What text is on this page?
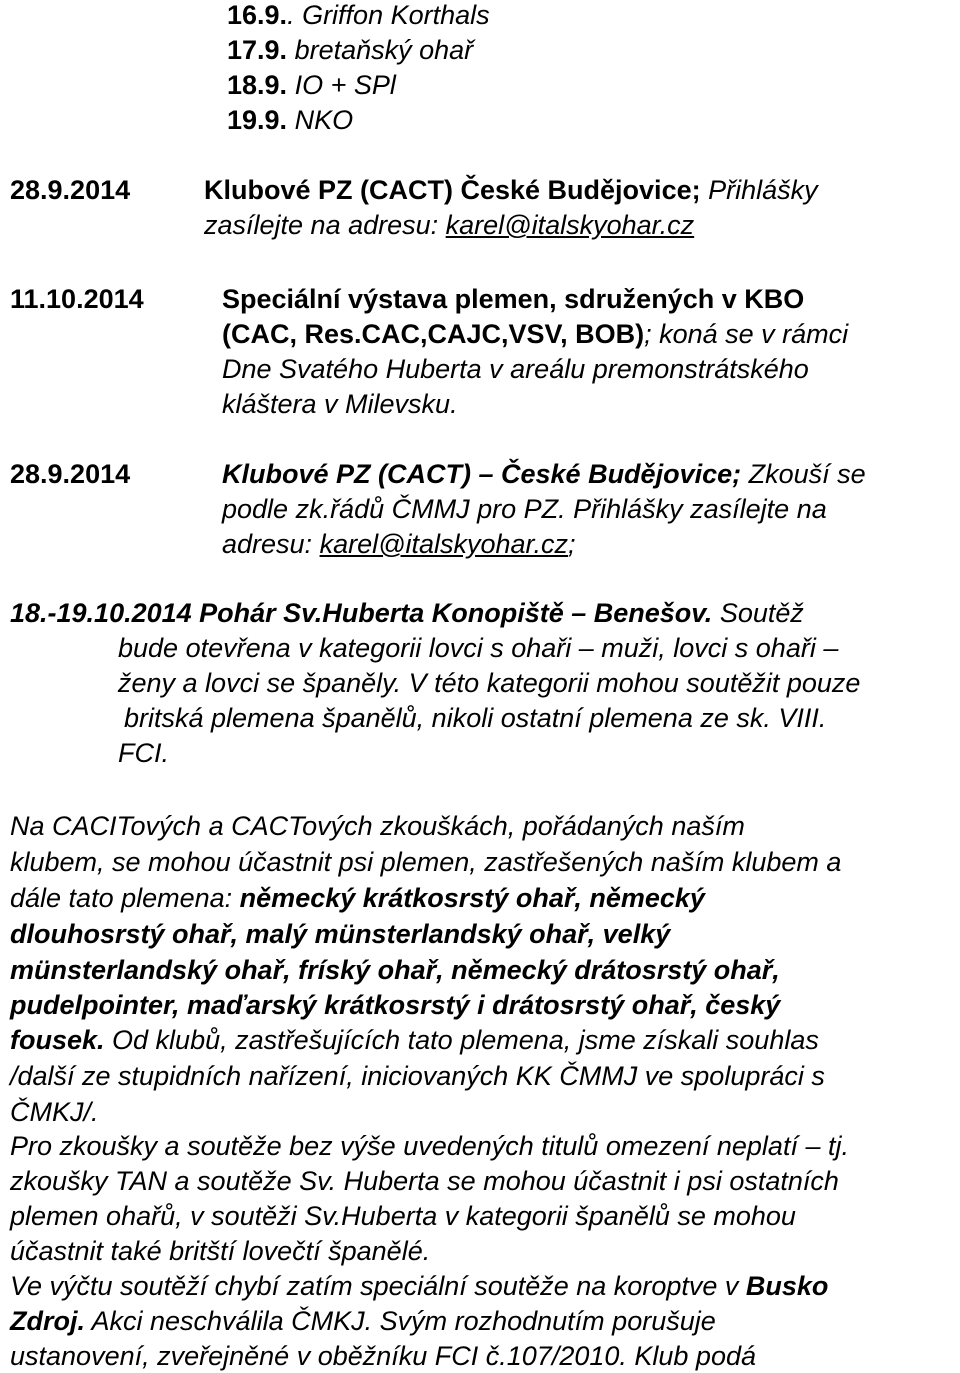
16.9.. Griffon Korthals
17.9. bretaňský ohař
18.9. IO + SPl
19.9. NKO
28.9.2014	Klubové PZ (CACT) České Budějovice; Přihlášky
zasílejte na adresu: karel@italskyohar.cz
11.10.2014	Speciální výstava plemen, sdružených v KBO
(CAC, Res.CAC,CAJC,VSV, BOB); koná se v rámci
Dne Svatého Huberta v areálu premonstrátského
kláštera v Milevsku.
28.9.2014	Klubové PZ (CACT) – České Budějovice; Zkouší se
podle zk.řádů ČMMJ pro PZ. Přihlášky zasílejte na
adresu: karel@italskyohar.cz;
18.-19.10.2014 Pohár Sv.Huberta Konopiště – Benešov. Soutěž
bude otevřena v kategorii lovci s ohaři – muži, lovci s ohaři –
ženy a lovci se španěly. V této kategorii mohou soutěžit pouze
britská plemena španělů, nikoli ostatní plemena ze sk. VIII.
FCI.
Na CACITových a CACTových zkouškách, pořádaných naším
klubem, se mohou účastnit psi plemen, zastřešených naším klubem a
dále tato plemena: německý krátkosrstý ohař, německý
dlouhosrstý ohař, malý münsterlandský ohař, velký
münsterlandský ohař, fríský ohař, německý drátosrstý ohař,
pudelpointer, maďarský krátkosrstý i drátosrstý ohař, český
fousek. Od klubů, zastřešujících tato plemena, jsme získali souhlas
/další ze stupidních nařízení, iniciovaných KK ČMMJ ve spolupráci s
ČMKJ/.
Pro zkoušky a soutěže bez výše uvedených titulů omezení neplatí – tj.
zkoušky TAN a soutěže Sv. Huberta se mohou účastnit i psi ostatních
plemen ohařů, v soutěži Sv.Huberta v kategorii španělů se mohou
účastnit také britští lovečtí španělé.
Ve výčtu soutěží chybí zatím speciální soutěže na koroptve v Busko
Zdroj. Akci neschválila ČMKJ. Svým rozhodnutím porušuje
ustanovení, zveřejněné v oběžníku FCI č.107/2010. Klub podá
